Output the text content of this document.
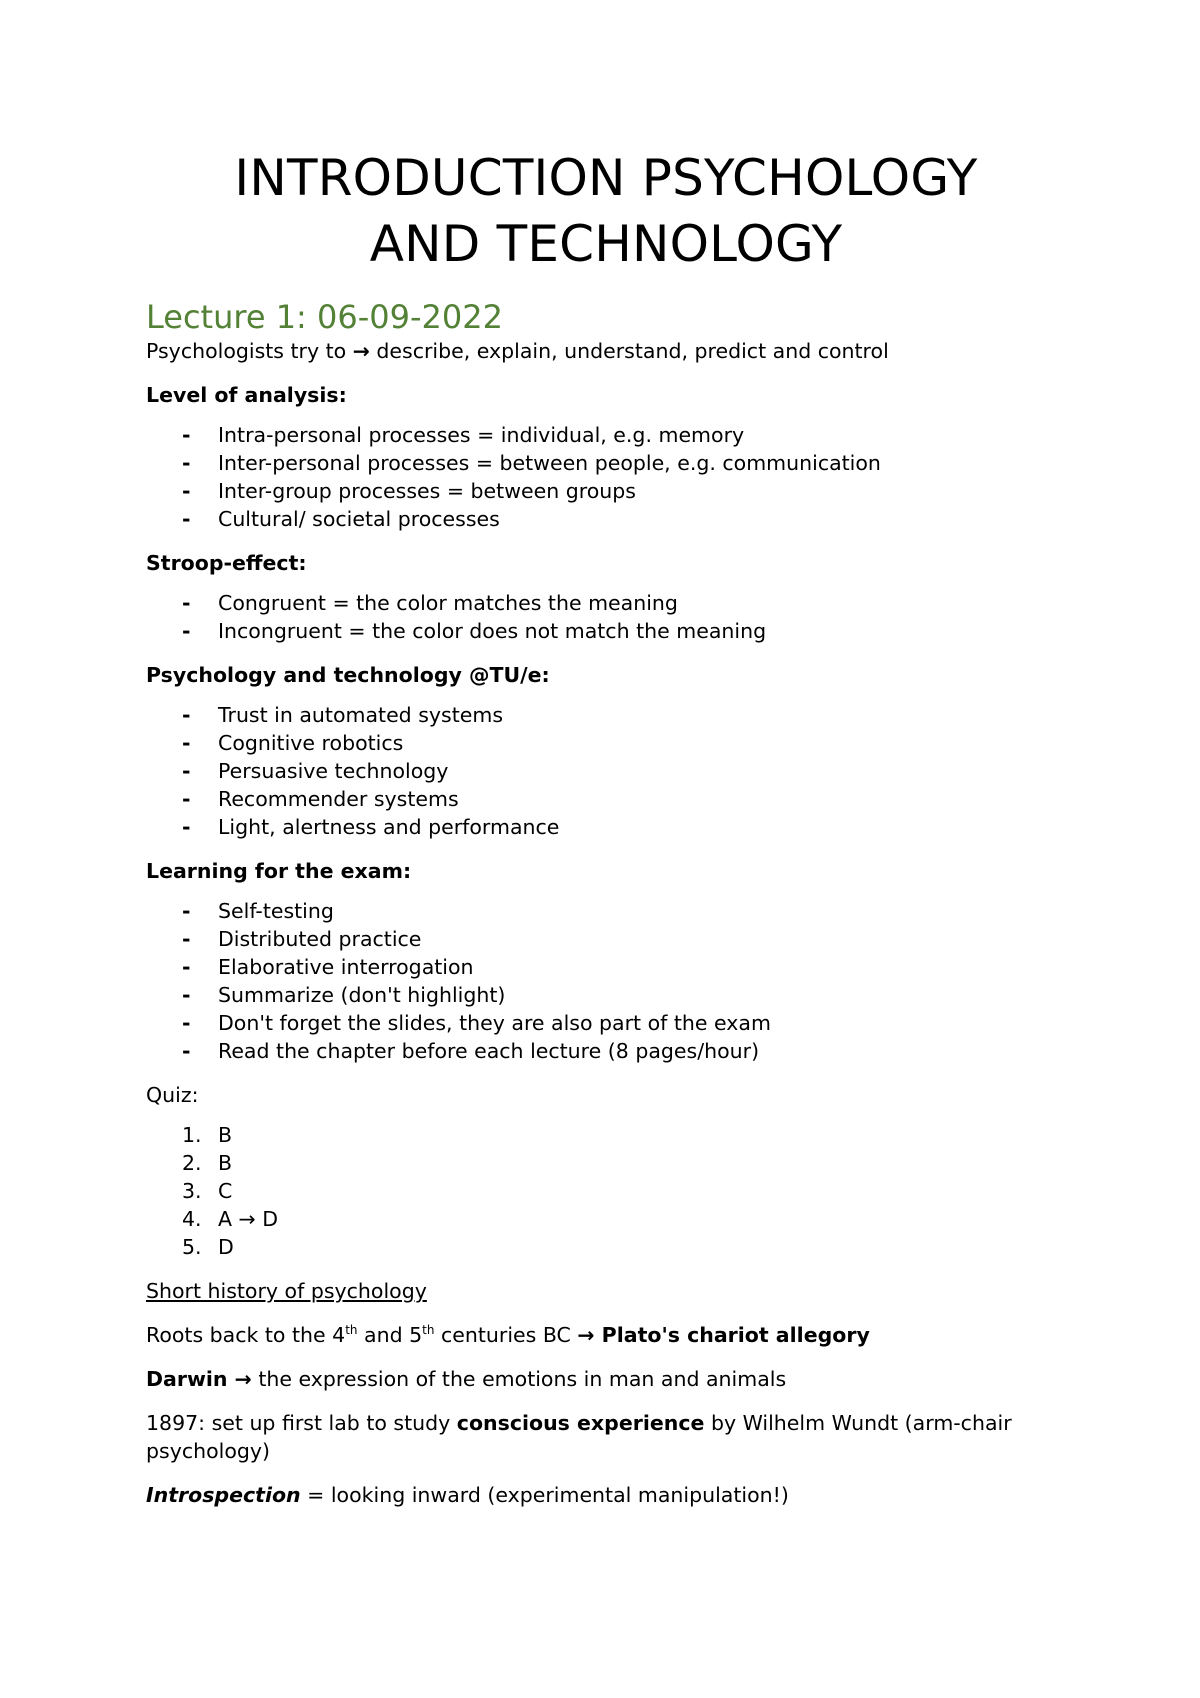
INTRODUCTION PSYCHOLOGY
AND TECHNOLOGY
Lecture 1: 06-09-2022

Psychologists try to → describe, explain, understand, predict and control

Level of analysis:

- Intra-personal processes = individual, e.g. memory
- Inter-personal processes = between people, e.g. communication
- Inter-group processes = between groups
- Cultural/ societal processes

Stroop-effect:

- Congruent = the color matches the meaning
- Incongruent = the color does not match the meaning

Psychology and technology @TU/e:

- Trust in automated systems
- Cognitive robotics
- Persuasive technology
- Recommender systems
- Light, alertness and performance

Learning for the exam:

- Self-testing
- Distributed practice
- Elaborative interrogation
- Summarize (don't highlight)
- Don't forget the slides, they are also part of the exam
- Read the chapter before each lecture (8 pages/hour)

Quiz:

1. B
2. B
3. C
4. A → D
5. D

Short history of psychology

Roots back to the 4th and 5th centuries BC → Plato's chariot allegory

Darwin → the expression of the emotions in man and animals

1897: set up first lab to study conscious experience by Wilhelm Wundt (arm-chair psychology)

Introspection = looking inward (experimental manipulation!)
